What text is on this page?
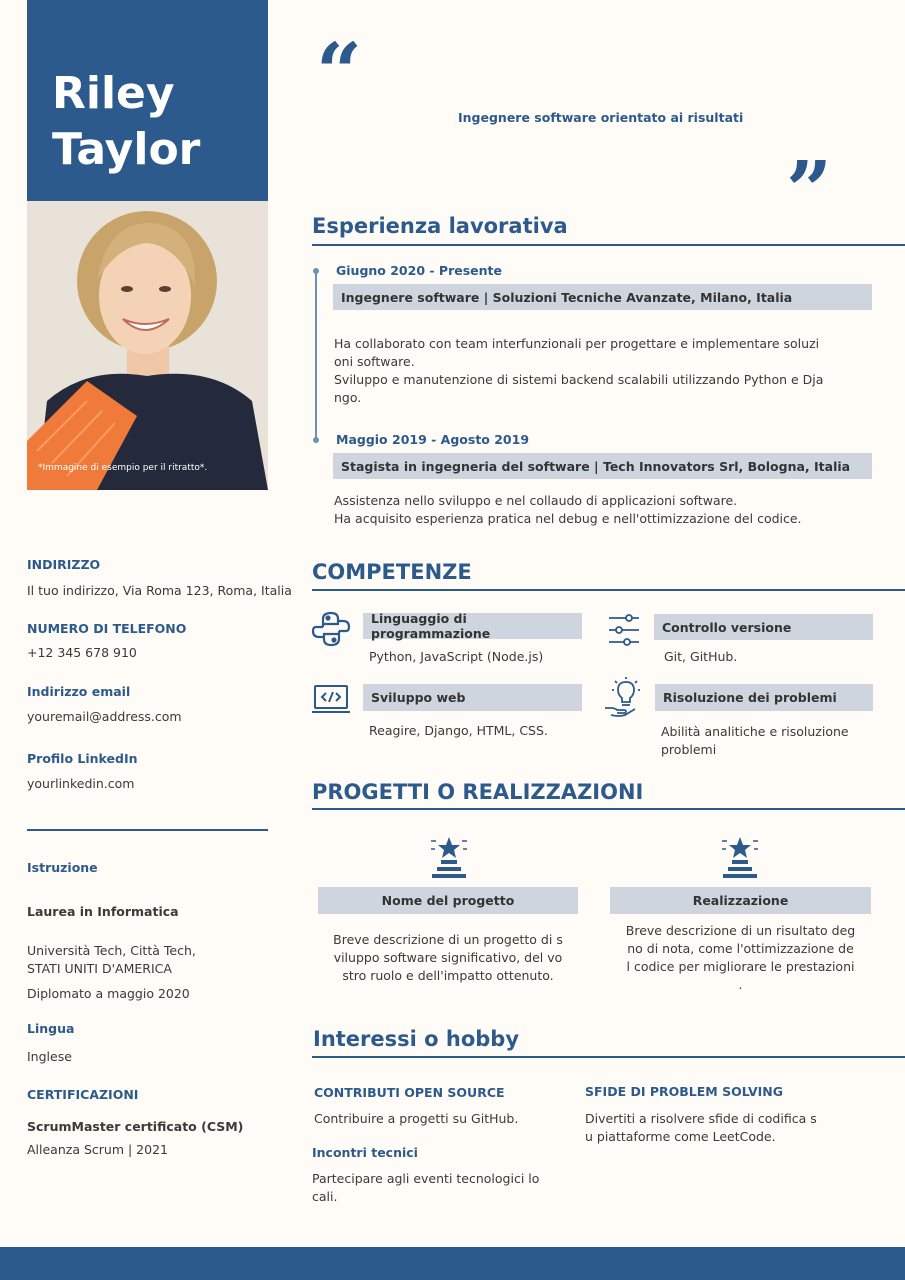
Riley
Taylor
*Immagine di esempio per il ritratto*.
INDIRIZZO
Il tuo indirizzo, Via Roma 123, Roma, Italia
NUMERO DI TELEFONO
+12 345 678 910
Indirizzo email
youremail@address.com
Profilo LinkedIn
yourlinkedin.com
Istruzione
Laurea in Informatica
Università Tech, Città Tech,
STATI UNITI D'AMERICA
Diplomato a maggio 2020
Lingua
Inglese
CERTIFICAZIONI
ScrumMaster certificato (CSM)
Alleanza Scrum | 2021
“	Ingegnere software orientato ai risultati
”
Esperienza lavorativa
Giugno 2020 - Presente
Ingegnere software | Soluzioni Tecniche Avanzate, Milano, Italia
Ha collaborato con team interfunzionali per progettare e implementare soluzi
oni software.
Sviluppo e manutenzione di sistemi backend scalabili utilizzando Python e Dja
ngo.
Maggio 2019 - Agosto 2019
Stagista in ingegneria del software | Tech Innovators Srl, Bologna, Italia
Assistenza nello sviluppo e nel collaudo di applicazioni software.
Ha acquisito esperienza pratica nel debug e nell'ottimizzazione del codice.
COMPETENZE
Linguaggio di programmazione
Python, JavaScript (Node.js)
Controllo versione
Git, GitHub.
Sviluppo web
Reagire, Django, HTML, CSS.
Risoluzione dei problemi
Abilità analitiche e risoluzione
problemi
PROGETTI O REALIZZAZIONI
Nome del progetto
Breve descrizione di un progetto di s
viluppo software significativo, del vo
stro ruolo e dell'impatto ottenuto.
Realizzazione
Breve descrizione di un risultato deg
no di nota, come l'ottimizzazione de
l codice per migliorare le prestazioni
.
Interessi o hobby
CONTRIBUTI OPEN SOURCE
Contribuire a progetti su GitHub.
SFIDE DI PROBLEM SOLVING
Divertiti a risolvere sfide di codifica s
u piattaforme come LeetCode.
Incontri tecnici
Partecipare agli eventi tecnologici lo
cali.
